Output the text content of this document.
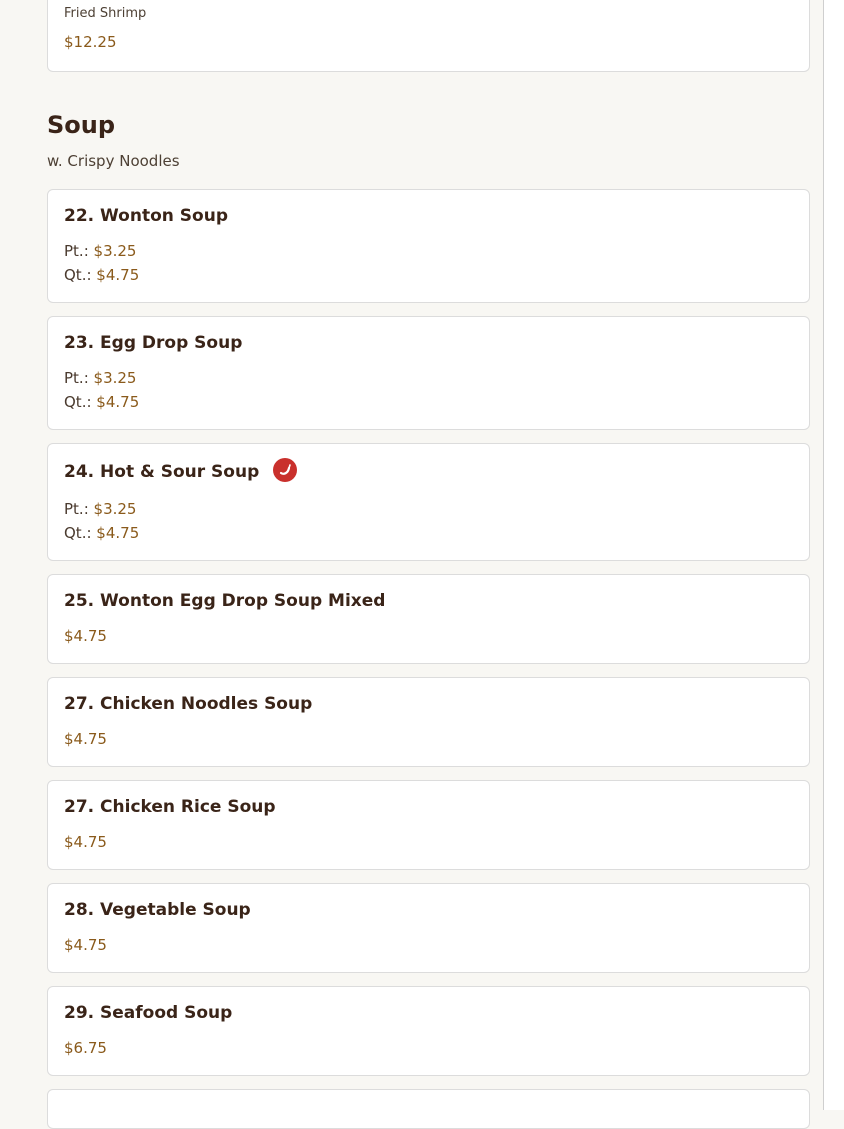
Fried Shrimp
$12.25
Soup
w. Crispy Noodles
22. Wonton Soup
Pt.: $3.25
Qt.: $4.75
23. Egg Drop Soup
Pt.: $3.25
Qt.: $4.75
24. Hot & Sour Soup
Pt.: $3.25
Qt.: $4.75
25. Wonton Egg Drop Soup Mixed
$4.75
27. Chicken Noodles Soup
$4.75
27. Chicken Rice Soup
$4.75
28. Vegetable Soup
$4.75
29. Seafood Soup
$6.75
